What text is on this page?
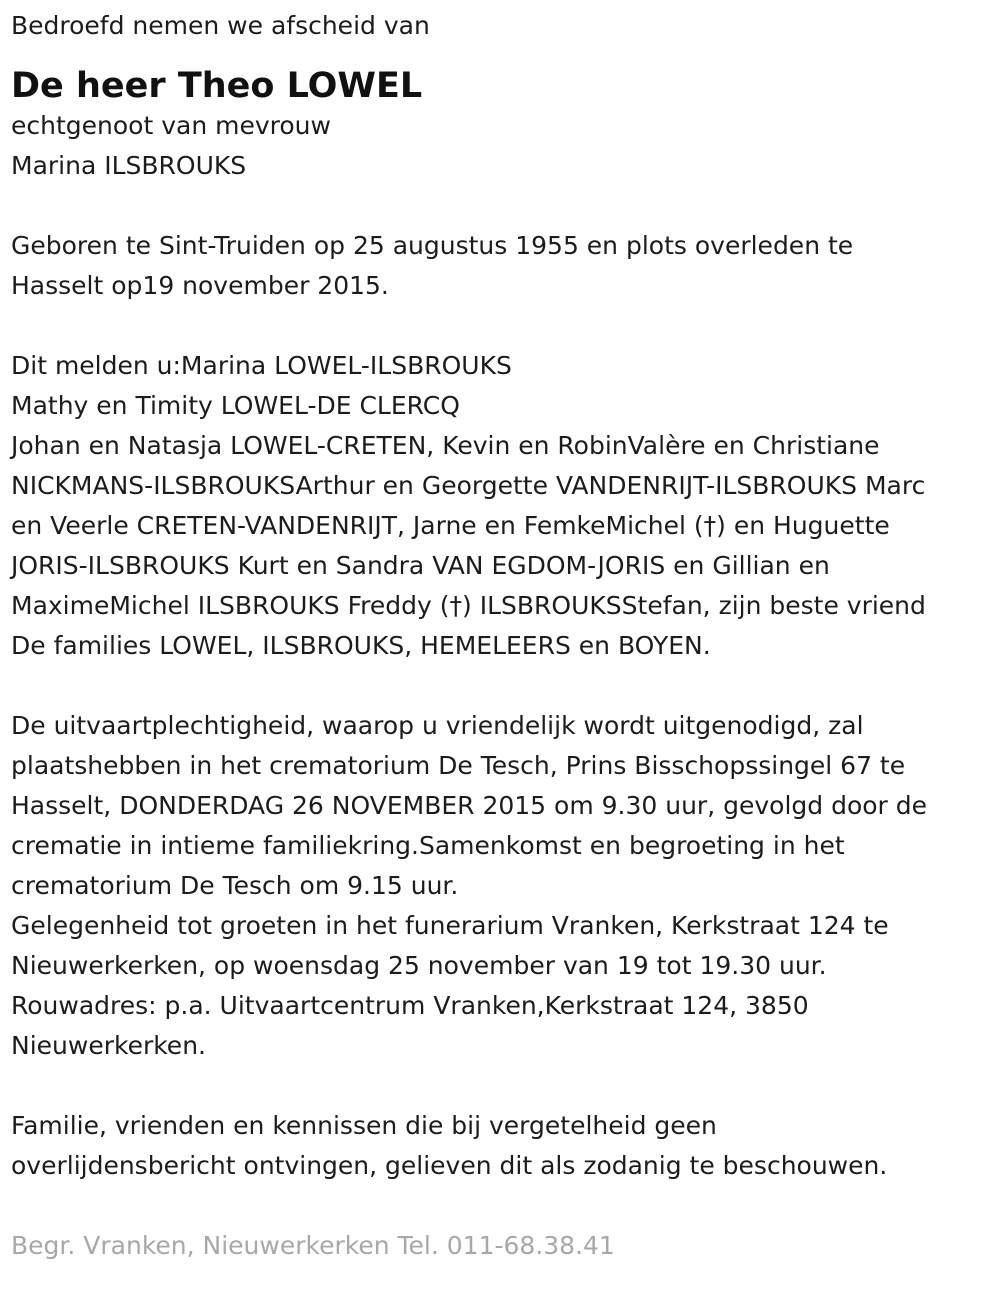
Bedroefd nemen we afscheid van
De heer Theo LOWEL
echtgenoot van mevrouw
Marina ILSBROUKS
Geboren te Sint-Truiden op 25 augustus 1955 en plots overleden te
Hasselt op19 november 2015.
Dit melden u:Marina LOWEL-ILSBROUKS
Mathy en Timity LOWEL-DE CLERCQ
Johan en Natasja LOWEL-CRETEN, Kevin en RobinValère en Christiane
NICKMANS-ILSBROUKSArthur en Georgette VANDENRIJT-ILSBROUKS Marc
en Veerle CRETEN-VANDENRIJT, Jarne en FemkeMichel (†) en Huguette
JORIS-ILSBROUKS Kurt en Sandra VAN EGDOM-JORIS en Gillian en
MaximeMichel ILSBROUKS Freddy (†) ILSBROUKSStefan, zijn beste vriend
De families LOWEL, ILSBROUKS, HEMELEERS en BOYEN.
De uitvaartplechtigheid, waarop u vriendelijk wordt uitgenodigd, zal
plaatshebben in het crematorium De Tesch, Prins Bisschopssingel 67 te
Hasselt, DONDERDAG 26 NOVEMBER 2015 om 9.30 uur, gevolgd door de
crematie in intieme familiekring.Samenkomst en begroeting in het
crematorium De Tesch om 9.15 uur.
Gelegenheid tot groeten in het funerarium Vranken, Kerkstraat 124 te
Nieuwerkerken, op woensdag 25 november van 19 tot 19.30 uur.
Rouwadres: p.a. Uitvaartcentrum Vranken,Kerkstraat 124, 3850
Nieuwerkerken.
Familie, vrienden en kennissen die bij vergetelheid geen
overlijdensbericht ontvingen, gelieven dit als zodanig te beschouwen.
Begr. Vranken, Nieuwerkerken Tel. 011-68.38.41
